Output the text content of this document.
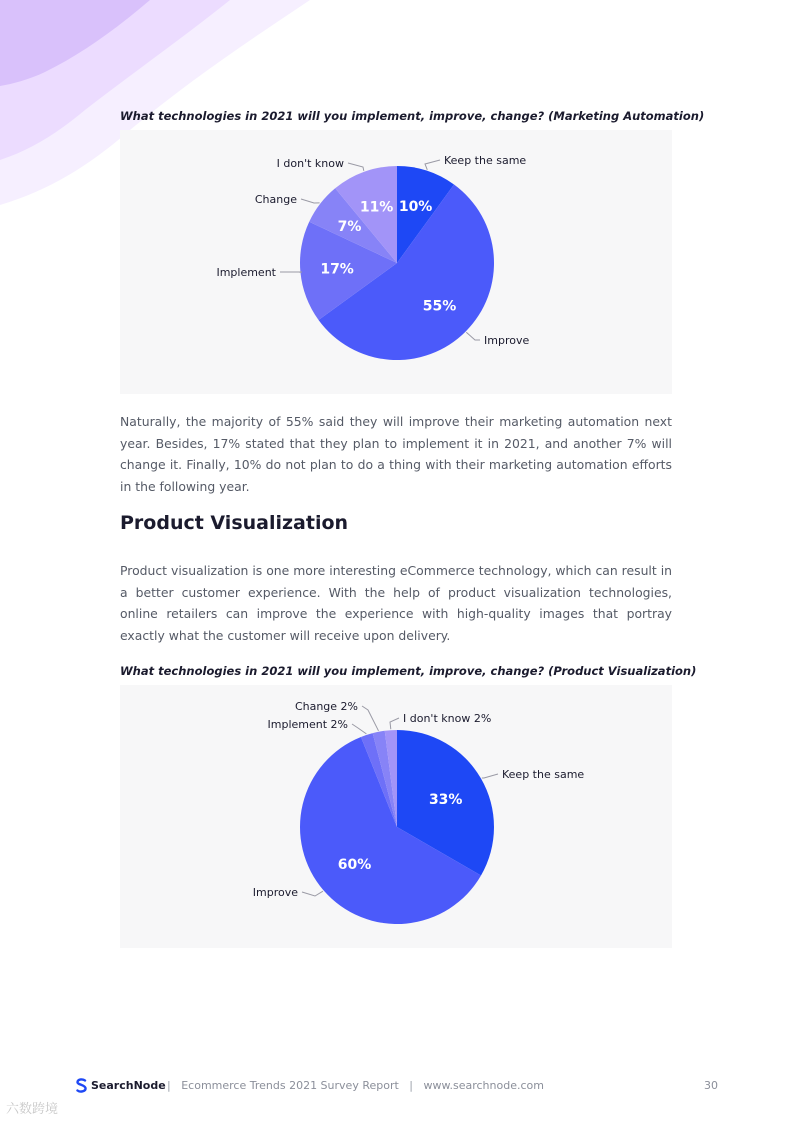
What technologies in 2021 will you implement, improve, change? (Marketing Automation)
10%
55%
17%
7%
11%
Keep the same
Improve
Implement
Change
I don't know

Naturally, the majority of 55% said they will improve their marketing automation next year. Besides, 17% stated that they plan to implement it in 2021, and another 7% will change it. Finally, 10% do not plan to do a thing with their marketing automation efforts in the following year.

Product Visualization

Product visualization is one more interesting eCommerce technology, which can result in a better customer experience. With the help of product visualization technologies, online retailers can improve the experience with high-quality images that portray exactly what the customer will receive upon delivery.

What technologies in 2021 will you implement, improve, change? (Product Visualization)
33%
60%
Keep the same
Improve
Implement 2%
Change 2%
I don't know 2%
SearchNode | Ecommerce Trends 2021 Survey Report | www.searchnode.com	30
六数跨境
